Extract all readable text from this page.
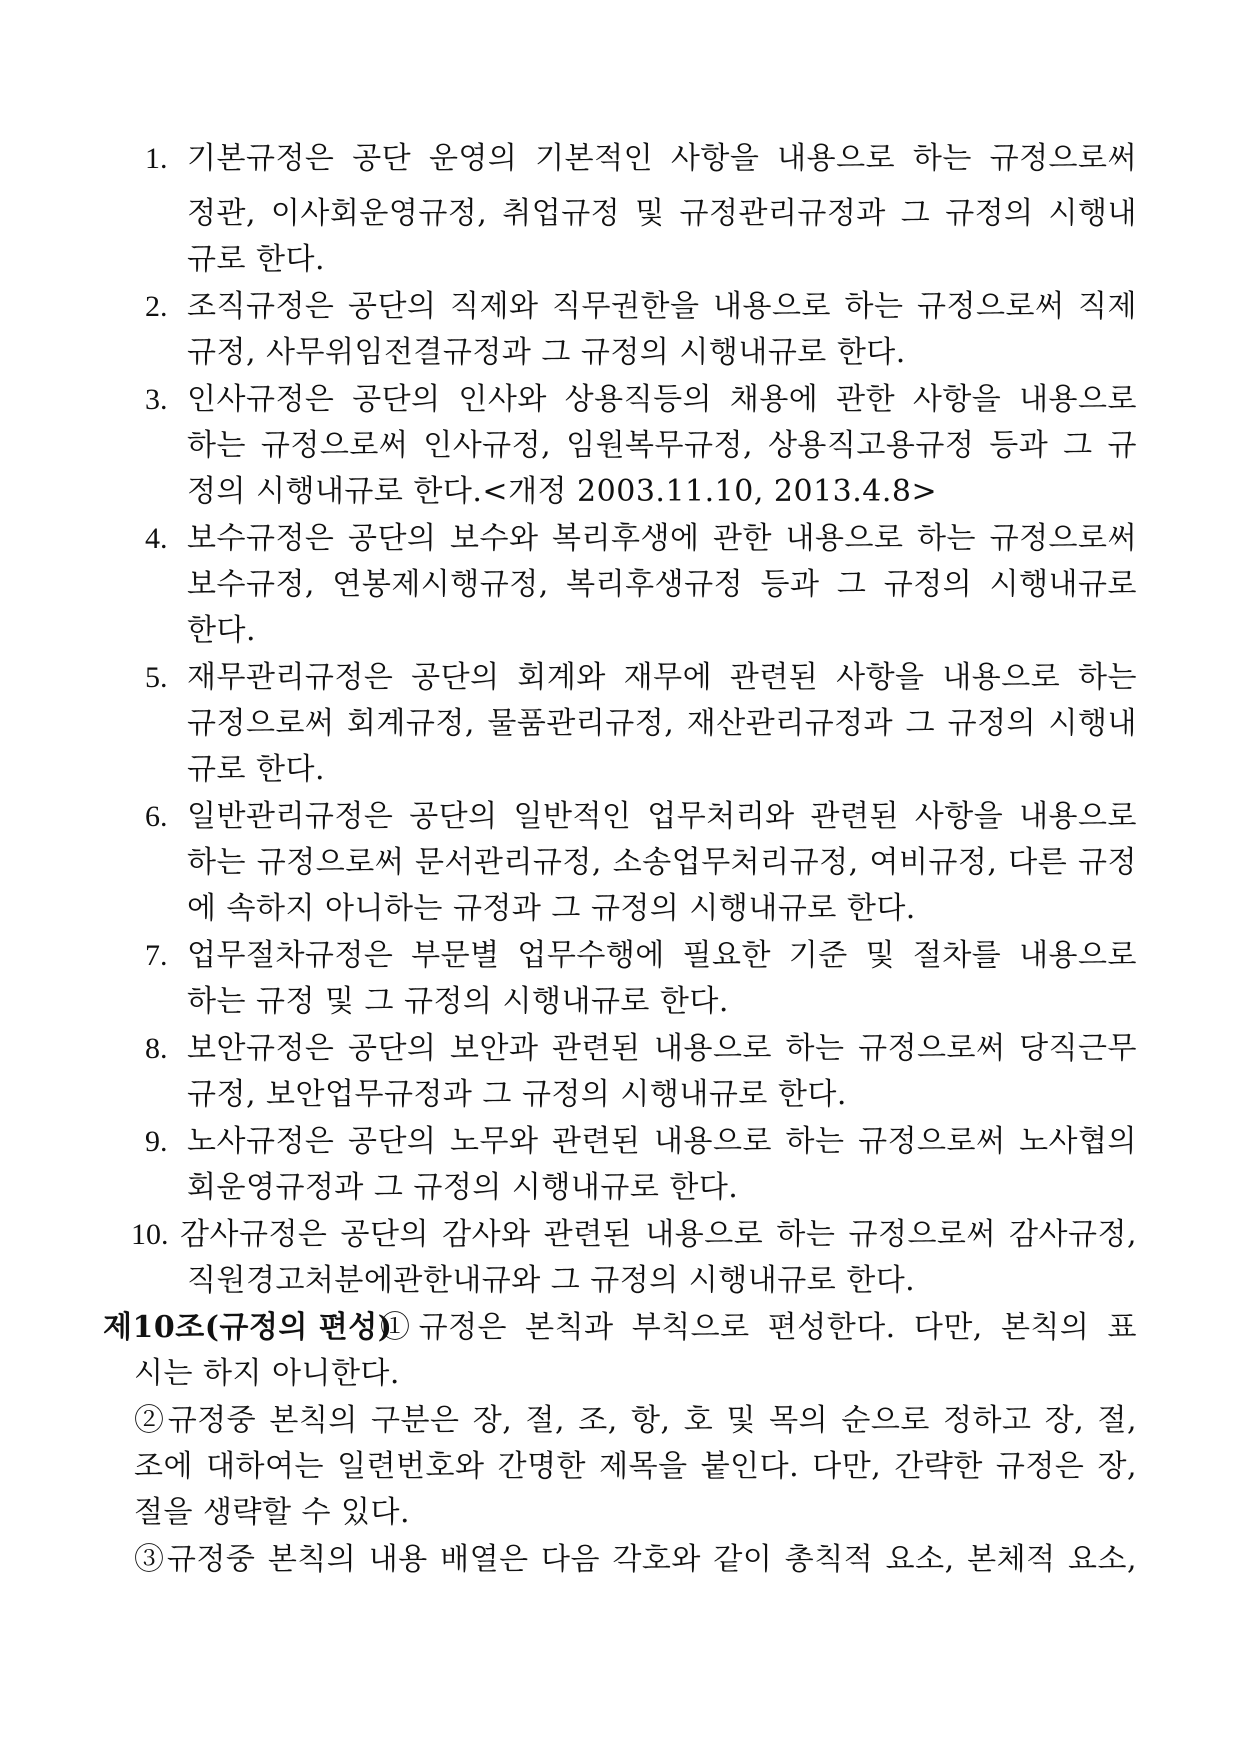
1. 기본규정은 공단 운영의 기본적인 사항을 내용으로 하는 규정으로써
정관, 이사회운영규정, 취업규정 및 규정관리규정과 그 규정의 시행내
규로 한다.
2. 조직규정은 공단의 직제와 직무권한을 내용으로 하는 규정으로써 직제
규정, 사무위임전결규정과 그 규정의 시행내규로 한다.
3. 인사규정은 공단의 인사와 상용직등의 채용에 관한 사항을 내용으로
하는 규정으로써 인사규정, 임원복무규정, 상용직고용규정 등과 그 규
정의 시행내규로 한다.<개정 2003.11.10, 2013.4.8>
4. 보수규정은 공단의 보수와 복리후생에 관한 내용으로 하는 규정으로써
보수규정, 연봉제시행규정, 복리후생규정 등과 그 규정의 시행내규로
한다.
5. 재무관리규정은 공단의 회계와 재무에 관련된 사항을 내용으로 하는
규정으로써 회계규정, 물품관리규정, 재산관리규정과 그 규정의 시행내
규로 한다.
6. 일반관리규정은 공단의 일반적인 업무처리와 관련된 사항을 내용으로
하는 규정으로써 문서관리규정, 소송업무처리규정, 여비규정, 다른 규정
에 속하지 아니하는 규정과 그 규정의 시행내규로 한다.
7. 업무절차규정은 부문별 업무수행에 필요한 기준 및 절차를 내용으로
하는 규정 및 그 규정의 시행내규로 한다.
8. 보안규정은 공단의 보안과 관련된 내용으로 하는 규정으로써 당직근무
규정, 보안업무규정과 그 규정의 시행내규로 한다.
9. 노사규정은 공단의 노무와 관련된 내용으로 하는 규정으로써 노사협의
회운영규정과 그 규정의 시행내규로 한다.
10. 감사규정은 공단의 감사와 관련된 내용으로 하는 규정으로써 감사규정,
직원경고처분에관한내규와 그 규정의 시행내규로 한다.
제10조(규정의 편성)
①규정은 본칙과 부칙으로 편성한다. 다만, 본칙의 표
시는 하지 아니한다.
②규정중 본칙의 구분은 장, 절, 조, 항, 호 및 목의 순으로 정하고 장, 절,
조에 대하여는 일련번호와 간명한 제목을 붙인다. 다만, 간략한 규정은 장,
절을 생략할 수 있다.
③규정중 본칙의 내용 배열은 다음 각호와 같이 총칙적 요소, 본체적 요소,
